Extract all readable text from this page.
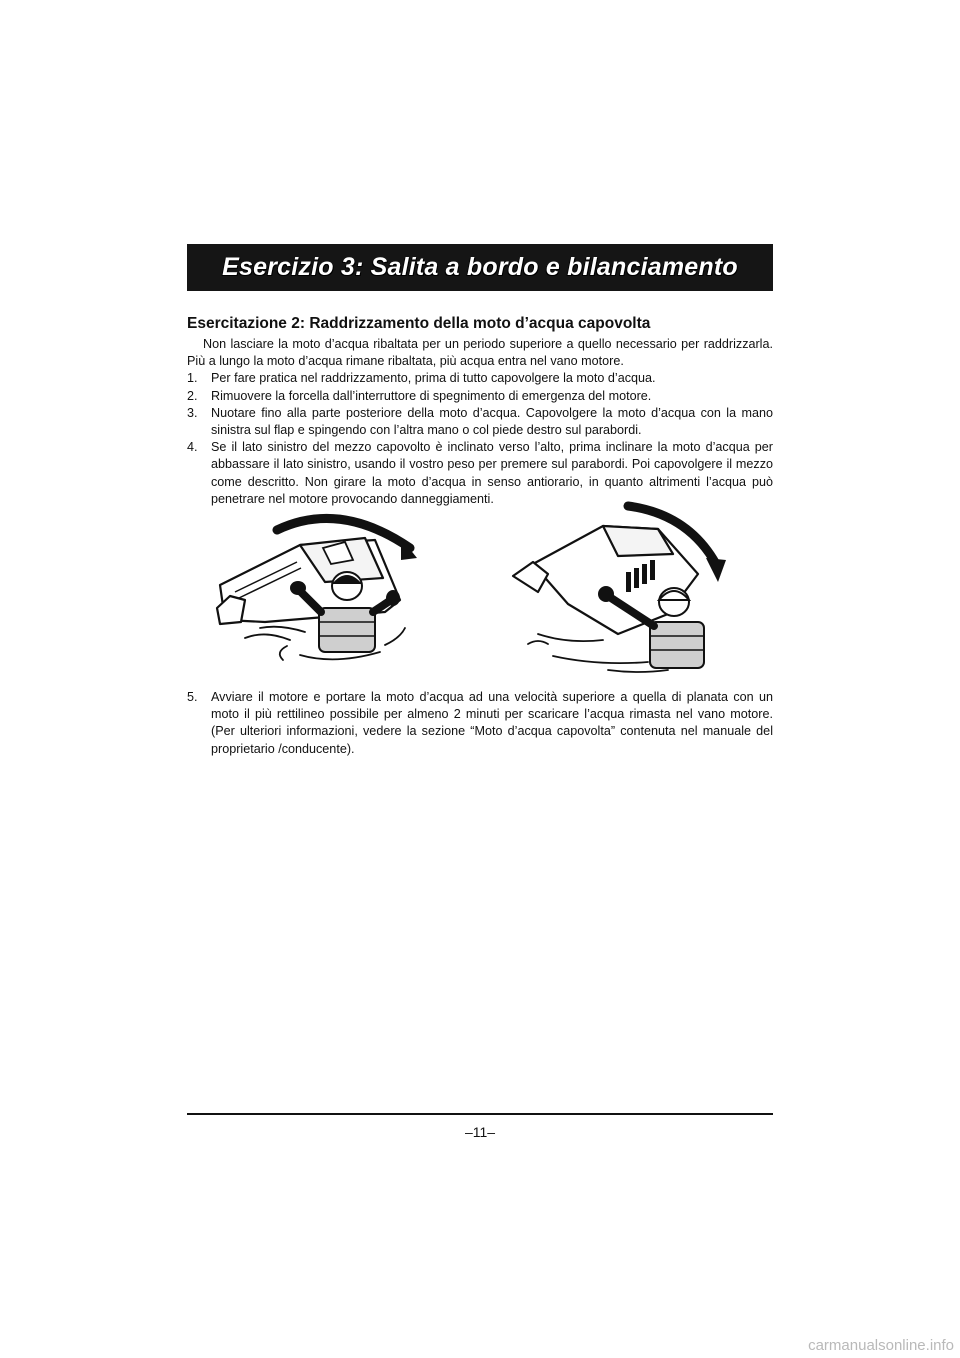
Esercizio 3: Salita a bordo e bilanciamento
Esercitazione 2: Raddrizzamento della moto d’acqua capovolta

Non lasciare la moto d’acqua ribaltata per un periodo superiore a quello necessario per raddrizzarla. Più a lungo la moto d’acqua rimane ribaltata, più acqua entra nel vano motore.

1.	Per fare pratica nel raddrizzamento, prima di tutto capovolgere la moto d’acqua.
2.	Rimuovere la forcella dall’interruttore di spegnimento di emergenza del motore.
3.	Nuotare fino alla parte posteriore della moto d’acqua. Capovolgere la moto d’acqua con la mano sinistra sul flap e spingendo con l’altra mano o col piede destro sul parabordi.
4.	Se il lato sinistro del mezzo capovolto è inclinato verso l’alto, prima inclinare la moto d’acqua per abbassare il lato sinistro, usando il vostro peso per premere sul parabordi. Poi capovolgere il mezzo come descritto. Non girare la moto d’acqua in senso antiorario, in quanto altrimenti l’acqua può penetrare nel motore provocando danneggiamenti.
5.	Avviare il motore e portare la moto d’acqua ad una velocità superiore a quella di planata con un moto il più rettilineo possibile per almeno 2 minuti per scaricare l’acqua rimasta nel vano motore. (Per ulteriori informazioni, vedere la sezione “Moto d’acqua capovolta” contenuta nel manuale del proprietario /conducente).
–11–
carmanualsonline.info
